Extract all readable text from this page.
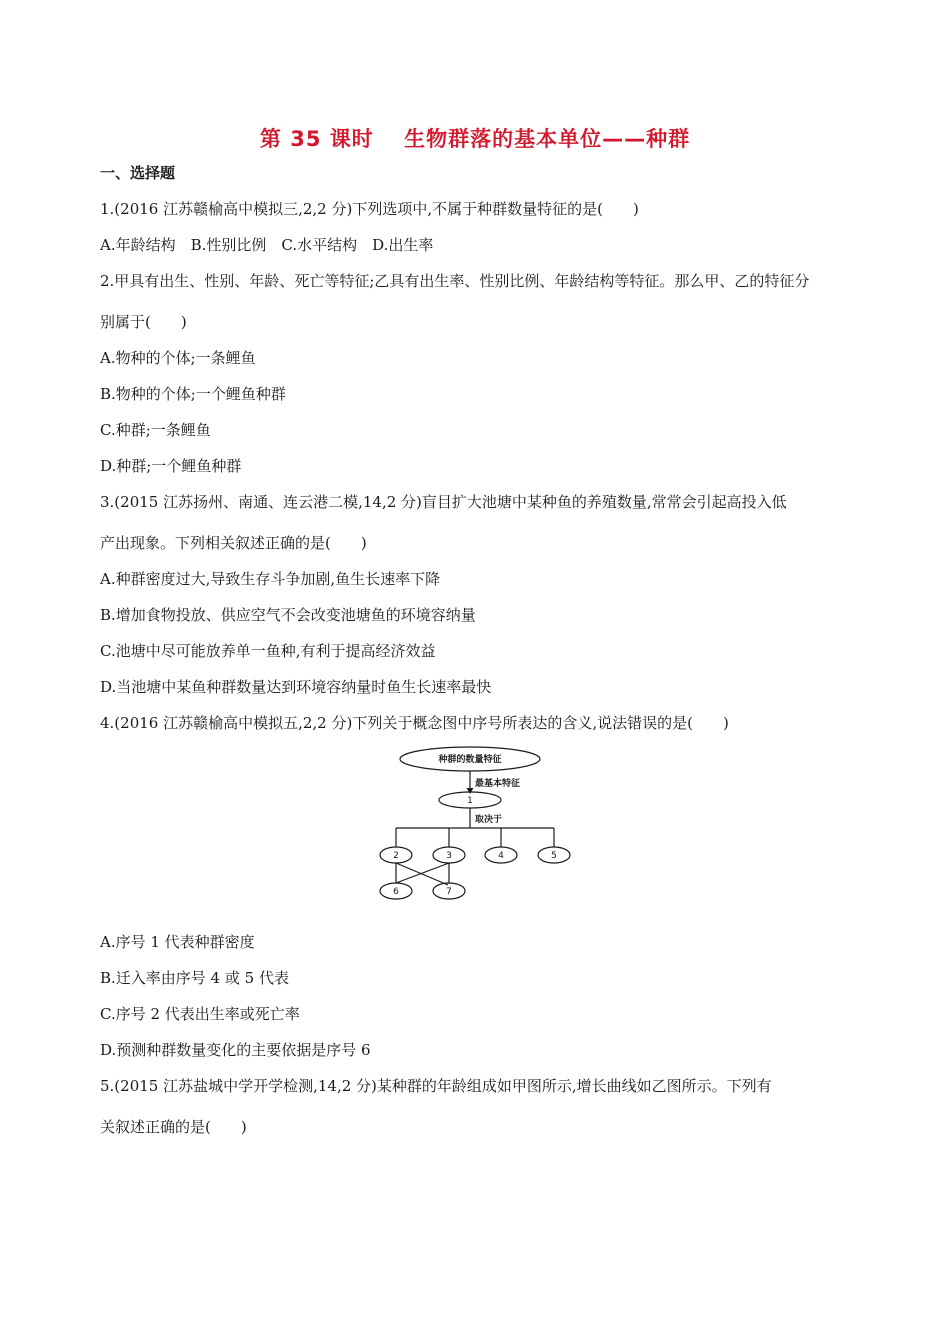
第 35 课时　 生物群落的基本单位——种群
一、选择题
1.(2016 江苏赣榆高中模拟三,2,2 分)下列选项中,不属于种群数量特征的是(　　)
A.年龄结构　B.性别比例　C.水平结构　D.出生率
2.甲具有出生、性别、年龄、死亡等特征;乙具有出生率、性别比例、年龄结构等特征。那么甲、乙的特征分
别属于(　　)
A.物种的个体;一条鲤鱼
B.物种的个体;一个鲤鱼种群
C.种群;一条鲤鱼
D.种群;一个鲤鱼种群
3.(2015 江苏扬州、南通、连云港二模,14,2 分)盲目扩大池塘中某种鱼的养殖数量,常常会引起高投入低
产出现象。下列相关叙述正确的是(　　)
A.种群密度过大,导致生存斗争加剧,鱼生长速率下降
B.增加食物投放、供应空气不会改变池塘鱼的环境容纳量
C.池塘中尽可能放养单一鱼种,有利于提高经济效益
D.当池塘中某鱼种群数量达到环境容纳量时鱼生长速率最快
4.(2016 江苏赣榆高中模拟五,2,2 分)下列关于概念图中序号所表达的含义,说法错误的是(　　)
种群的数量特征
最基本特征
取决于
1
2	3	4	5
6	7
A.序号 1 代表种群密度
B.迁入率由序号 4 或 5 代表
C.序号 2 代表出生率或死亡率
D.预测种群数量变化的主要依据是序号 6
5.(2015 江苏盐城中学开学检测,14,2 分)某种群的年龄组成如甲图所示,增长曲线如乙图所示。下列有
关叙述正确的是(　　)
